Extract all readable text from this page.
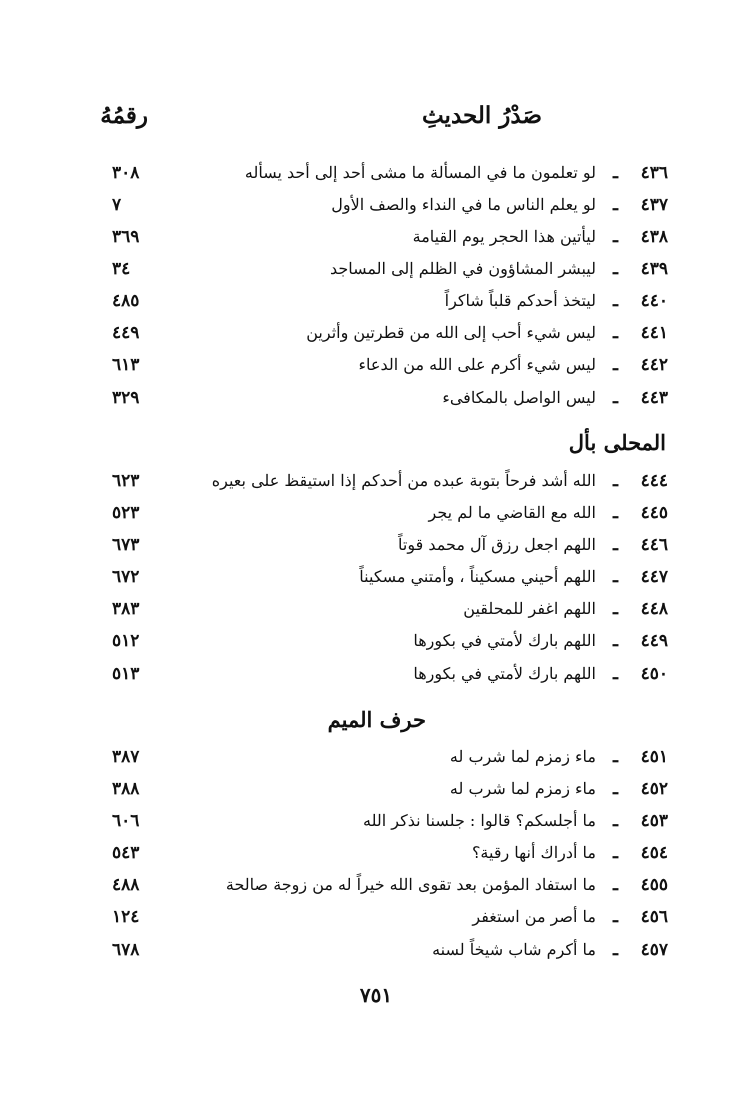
صَدْرُ الحديثِ
رقمُهُ
٤٣٦
ـ
لو تعلمون ما في المسألة ما مشى أحد إلى أحد يسأله
٣٠٨
٤٣٧
ـ
لو يعلم الناس ما في النداء والصف الأول
٧
٤٣٨
ـ
ليأتين هذا الحجر يوم القيامة
٣٦٩
٤٣٩
ـ
ليبشر المشاؤون في الظلم إلى المساجد
٣٤
٤٤٠
ـ
ليتخذ أحدكم قلباً شاكراً
٤٨٥
٤٤١
ـ
ليس شيء أحب إلى الله من قطرتين وأثرين
٤٤٩
٤٤٢
ـ
ليس شيء أكرم على الله من الدعاء
٦١٣
٤٤٣
ـ
ليس الواصل بالمكافىء
٣٢٩
المحلى بأل
٤٤٤
ـ
الله أشد فرحاً بتوبة عبده من أحدكم إذا استيقظ على بعيره
٦٢٣
٤٤٥
ـ
الله مع القاضي ما لم يجر
٥٢٣
٤٤٦
ـ
اللهم اجعل رزق آل محمد قوتاً
٦٧٣
٤٤٧
ـ
اللهم أحيني مسكيناً ، وأمتني مسكيناً
٦٧٢
٤٤٨
ـ
اللهم اغفر للمحلقين
٣٨٣
٤٤٩
ـ
اللهم بارك لأمتي في بكورها
٥١٢
٤٥٠
ـ
اللهم بارك لأمتي في بكورها
٥١٣
حرف الميم
٤٥١
ـ
ماء زمزم لما شرب له
٣٨٧
٤٥٢
ـ
ماء زمزم لما شرب له
٣٨٨
٤٥٣
ـ
ما أجلسكم؟ قالوا : جلسنا نذكر الله
٦٠٦
٤٥٤
ـ
ما أدراك أنها رقية؟
٥٤٣
٤٥٥
ـ
ما استفاد المؤمن بعد تقوى الله خيراً له من زوجة صالحة
٤٨٨
٤٥٦
ـ
ما أصر من استغفر
١٢٤
٤٥٧
ـ
ما أكرم شاب شيخاً لسنه
٦٧٨
٧٥١
